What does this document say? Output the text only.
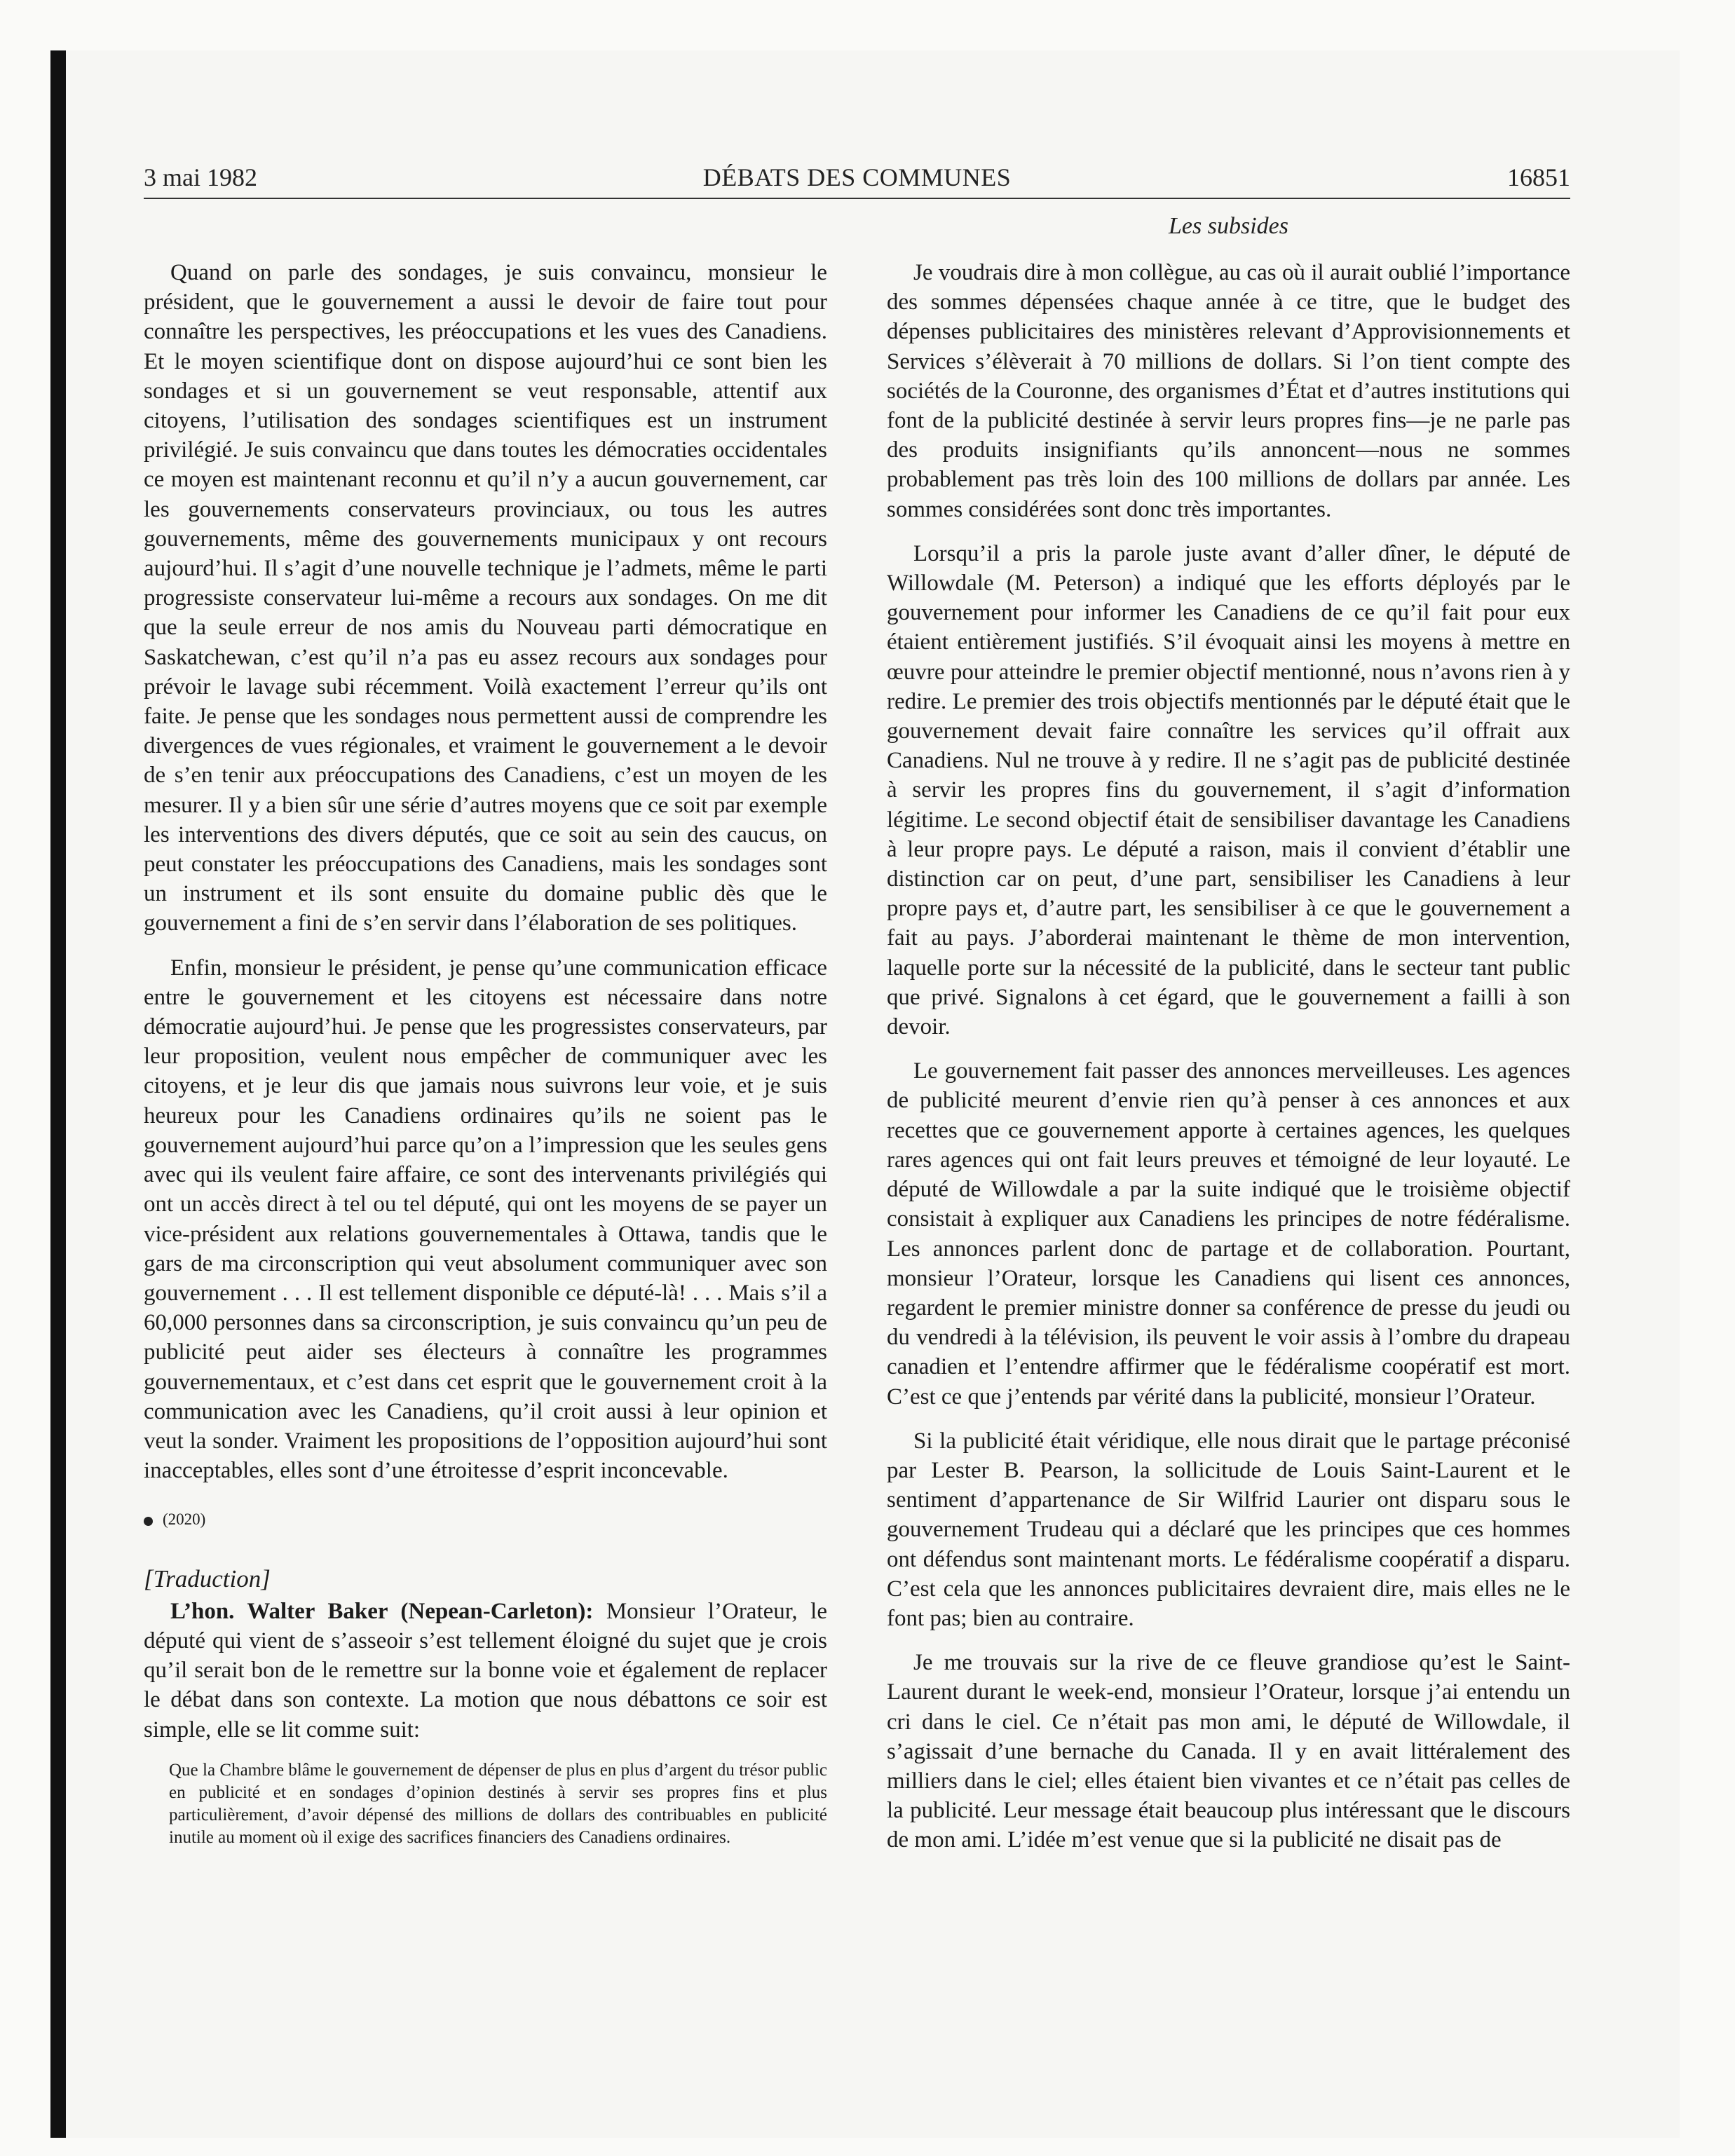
3 mai 1982	DÉBATS DES COMMUNES	16851
Les subsides

Quand on parle des sondages, je suis convaincu, monsieur le président, que le gouvernement a aussi le devoir de faire tout pour connaître les perspectives, les préoccupations et les vues des Canadiens. Et le moyen scientifique dont on dispose aujourd’hui ce sont bien les sondages et si un gouvernement se veut responsable, attentif aux citoyens, l’utilisation des sondages scientifiques est un instrument privilégié. Je suis convaincu que dans toutes les démocraties occidentales ce moyen est maintenant reconnu et qu’il n’y a aucun gouvernement, car les gouvernements conservateurs provinciaux, ou tous les autres gouvernements, même des gouvernements municipaux y ont recours aujourd’hui. Il s’agit d’une nouvelle technique je l’admets, même le parti progressiste conservateur lui-même a recours aux sondages. On me dit que la seule erreur de nos amis du Nouveau parti démocratique en Saskatchewan, c’est qu’il n’a pas eu assez recours aux sondages pour prévoir le lavage subi récemment. Voilà exactement l’erreur qu’ils ont faite. Je pense que les sondages nous permettent aussi de comprendre les divergences de vues régionales, et vraiment le gouvernement a le devoir de s’en tenir aux préoccupations des Canadiens, c’est un moyen de les mesurer. Il y a bien sûr une série d’autres moyens que ce soit par exemple les interventions des divers députés, que ce soit au sein des caucus, on peut constater les préoccupations des Canadiens, mais les sondages sont un instrument et ils sont ensuite du domaine public dès que le gouvernement a fini de s’en servir dans l’élaboration de ses politiques.

Enfin, monsieur le président, je pense qu’une communication efficace entre le gouvernement et les citoyens est nécessaire dans notre démocratie aujourd’hui. Je pense que les progressistes conservateurs, par leur proposition, veulent nous empêcher de communiquer avec les citoyens, et je leur dis que jamais nous suivrons leur voie, et je suis heureux pour les Canadiens ordinaires qu’ils ne soient pas le gouvernement aujourd’hui parce qu’on a l’impression que les seules gens avec qui ils veulent faire affaire, ce sont des intervenants privilégiés qui ont un accès direct à tel ou tel député, qui ont les moyens de se payer un vice-président aux relations gouvernementales à Ottawa, tandis que le gars de ma circonscription qui veut absolument communiquer avec son gouvernement . . . Il est tellement disponible ce député-là! . . . Mais s’il a 60,000 personnes dans sa circonscription, je suis convaincu qu’un peu de publicité peut aider ses électeurs à connaître les programmes gouvernementaux, et c’est dans cet esprit que le gouvernement croit à la communication avec les Canadiens, qu’il croit aussi à leur opinion et veut la sonder. Vraiment les propositions de l’opposition aujourd’hui sont inacceptables, elles sont d’une étroitesse d’esprit inconcevable.

(2020)

[Traduction]

L’hon. Walter Baker (Nepean-Carleton): Monsieur l’Orateur, le député qui vient de s’asseoir s’est tellement éloigné du sujet que je crois qu’il serait bon de le remettre sur la bonne voie et également de replacer le débat dans son contexte. La motion que nous débattons ce soir est simple, elle se lit comme suit:

Que la Chambre blâme le gouvernement de dépenser de plus en plus d’argent du trésor public en publicité et en sondages d’opinion destinés à servir ses propres fins et plus particulièrement, d’avoir dépensé des millions de dollars des contribuables en publicité inutile au moment où il exige des sacrifices financiers des Canadiens ordinaires.

Je voudrais dire à mon collègue, au cas où il aurait oublié l’importance des sommes dépensées chaque année à ce titre, que le budget des dépenses publicitaires des ministères relevant d’Approvisionnements et Services s’élèverait à 70 millions de dollars. Si l’on tient compte des sociétés de la Couronne, des organismes d’État et d’autres institutions qui font de la publicité destinée à servir leurs propres fins—je ne parle pas des produits insignifiants qu’ils annoncent—nous ne sommes probablement pas très loin des 100 millions de dollars par année. Les sommes considérées sont donc très importantes.

Lorsqu’il a pris la parole juste avant d’aller dîner, le député de Willowdale (M. Peterson) a indiqué que les efforts déployés par le gouvernement pour informer les Canadiens de ce qu’il fait pour eux étaient entièrement justifiés. S’il évoquait ainsi les moyens à mettre en œuvre pour atteindre le premier objectif mentionné, nous n’avons rien à y redire. Le premier des trois objectifs mentionnés par le député était que le gouvernement devait faire connaître les services qu’il offrait aux Canadiens. Nul ne trouve à y redire. Il ne s’agit pas de publicité destinée à servir les propres fins du gouvernement, il s’agit d’information légitime. Le second objectif était de sensibiliser davantage les Canadiens à leur propre pays. Le député a raison, mais il convient d’établir une distinction car on peut, d’une part, sensibiliser les Canadiens à leur propre pays et, d’autre part, les sensibiliser à ce que le gouvernement a fait au pays. J’aborderai maintenant le thème de mon intervention, laquelle porte sur la nécessité de la publicité, dans le secteur tant public que privé. Signalons à cet égard, que le gouvernement a failli à son devoir.

Le gouvernement fait passer des annonces merveilleuses. Les agences de publicité meurent d’envie rien qu’à penser à ces annonces et aux recettes que ce gouvernement apporte à certaines agences, les quelques rares agences qui ont fait leurs preuves et témoigné de leur loyauté. Le député de Willowdale a par la suite indiqué que le troisième objectif consistait à expliquer aux Canadiens les principes de notre fédéralisme. Les annonces parlent donc de partage et de collaboration. Pourtant, monsieur l’Orateur, lorsque les Canadiens qui lisent ces annonces, regardent le premier ministre donner sa conférence de presse du jeudi ou du vendredi à la télévision, ils peuvent le voir assis à l’ombre du drapeau canadien et l’entendre affirmer que le fédéralisme coopératif est mort. C’est ce que j’entends par vérité dans la publicité, monsieur l’Orateur.

Si la publicité était véridique, elle nous dirait que le partage préconisé par Lester B. Pearson, la sollicitude de Louis Saint-Laurent et le sentiment d’appartenance de Sir Wilfrid Laurier ont disparu sous le gouvernement Trudeau qui a déclaré que les principes que ces hommes ont défendus sont maintenant morts. Le fédéralisme coopératif a disparu. C’est cela que les annonces publicitaires devraient dire, mais elles ne le font pas; bien au contraire.

Je me trouvais sur la rive de ce fleuve grandiose qu’est le Saint-Laurent durant le week-end, monsieur l’Orateur, lorsque j’ai entendu un cri dans le ciel. Ce n’était pas mon ami, le député de Willowdale, il s’agissait d’une bernache du Canada. Il y en avait littéralement des milliers dans le ciel; elles étaient bien vivantes et ce n’était pas celles de la publicité. Leur message était beaucoup plus intéressant que le discours de mon ami. L’idée m’est venue que si la publicité ne disait pas de
